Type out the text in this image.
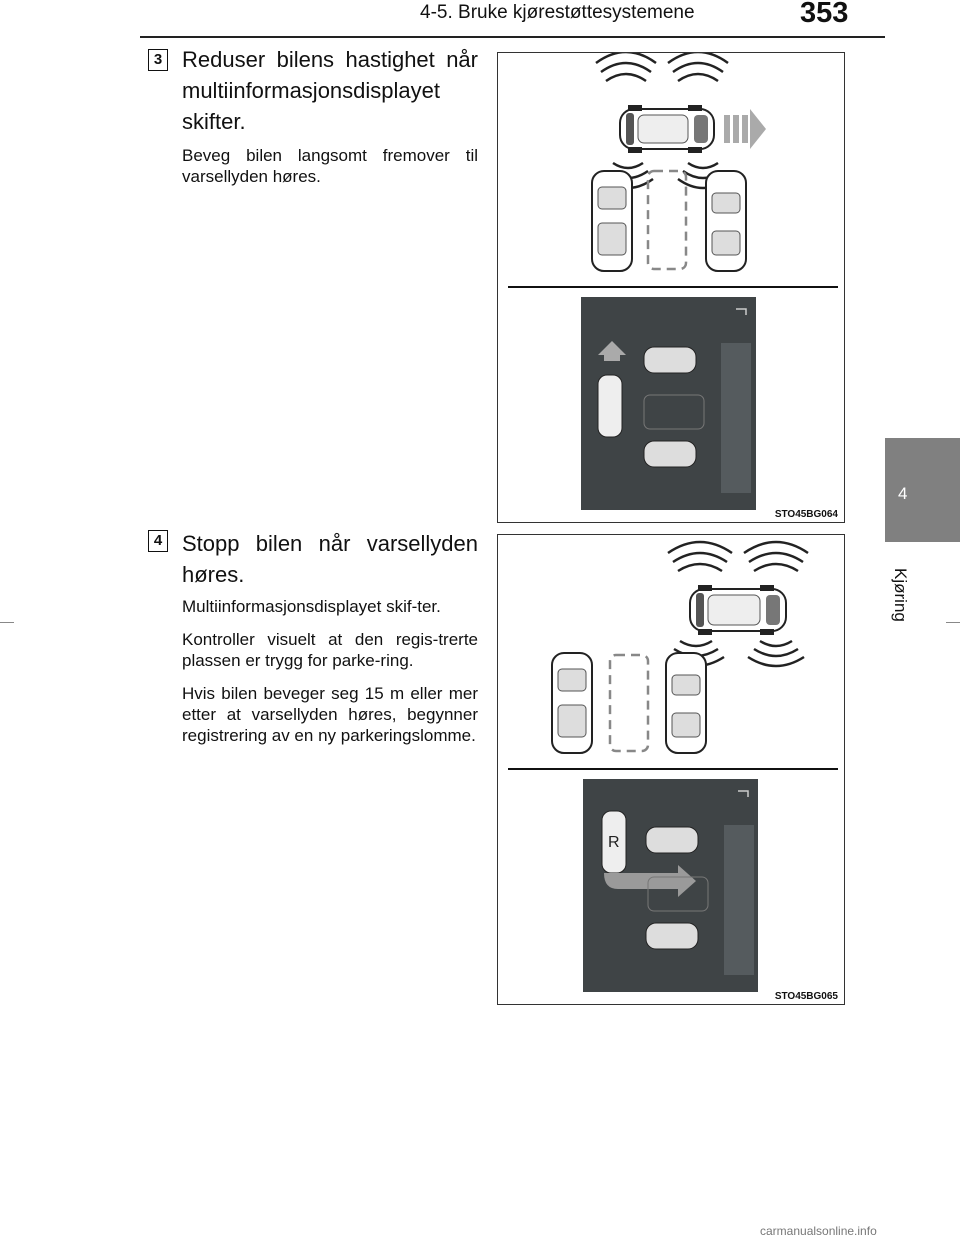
4-5. Bruke kjørestøttesystemene	353
4
Kjøring
3 Reduser bilens hastighet når multiinformasjonsdisplayet skifter.

Beveg bilen langsomt fremover til varsellyden høres.

STO45BG064
4 Stopp bilen når varsellyden høres.

Multiinformasjonsdisplayet skif-ter.

Kontroller visuelt at den regis-trerte plassen er trygg for parke-ring.

Hvis bilen beveger seg 15 m eller mer etter at varsellyden høres, begynner registrering av en ny parkeringslomme.

R
STO45BG065
carmanualsonline.info
